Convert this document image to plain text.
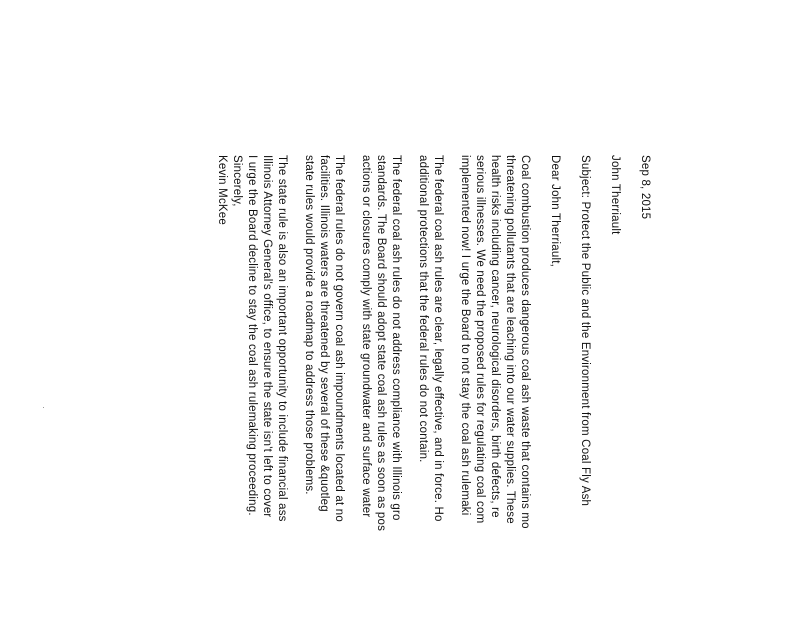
Sep 8, 2015
John Therriault
Subject: Protect the Public and the Environment from Coal Fly Ash
Dear John Therriault,
Coal combustion produces dangerous coal ash waste that contains mo
threatening pollutants that are leaching into our water supplies. These
health risks including cancer, neurological disorders, birth defects, re
serious illnesses. We need the proposed rules for regulating coal com
implemented now! I urge the Board to not stay the coal ash rulemaki
The federal coal ash rules are clear, legally effective, and in force. Ho
additional protections that the federal rules do not contain.
The federal coal ash rules do not address compliance with Illinois gro
standards. The Board should adopt state coal ash rules as soon as pos
actions or closures comply with state groundwater and surface water
The federal rules do not govern coal ash impoundments located at no
facilities. Illinois waters are threatened by several of these &quotleg
state rules would provide a roadmap to address those problems.
The state rule is also an important opportunity to include financial ass
Illinois Attorney General's office, to ensure the state isn't left to cover
I urge the Board decline to stay the coal ash rulemaking proceeding.
Sincerely,
Kevin McKee
